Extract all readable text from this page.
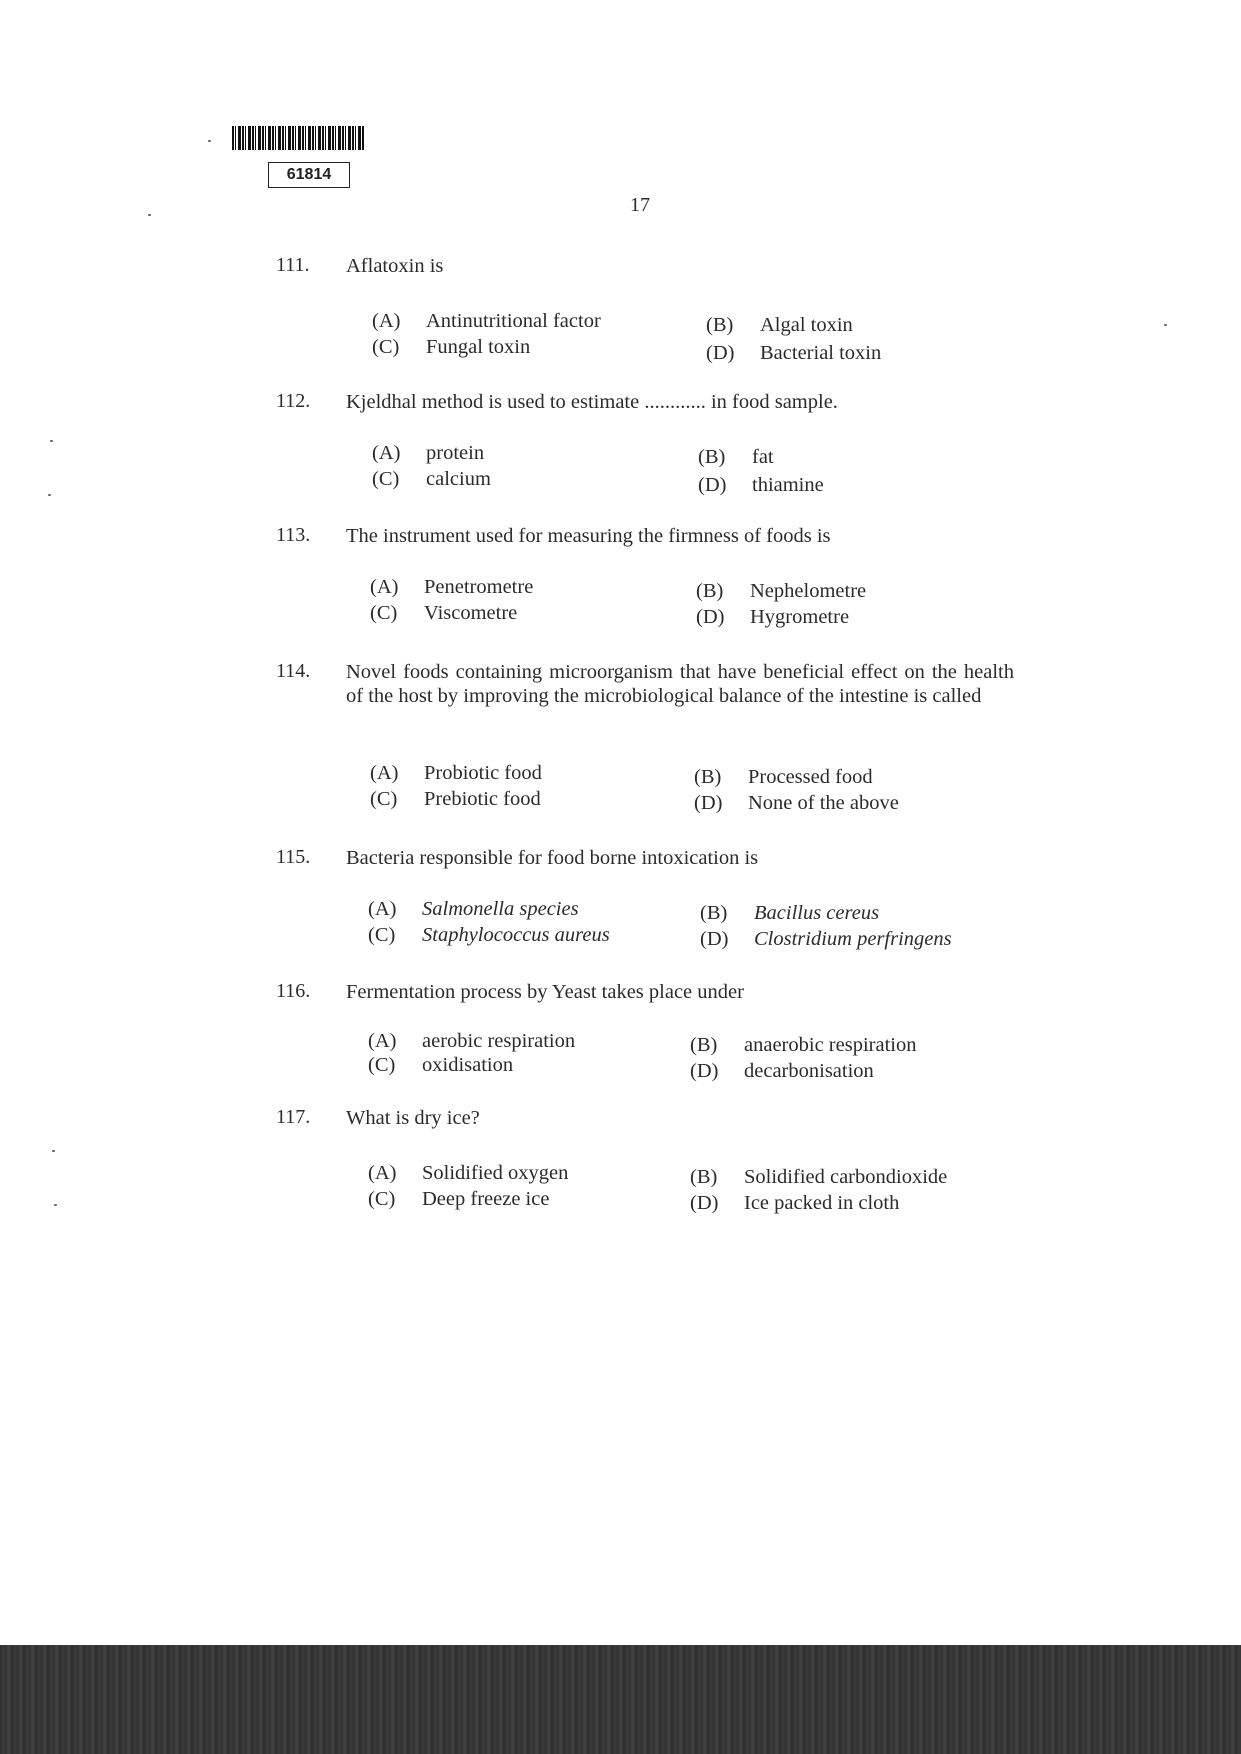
61814
17
111. Aflatoxin is
(A) Antinutritional factor	(B) Algal toxin
(C) Fungal toxin	(D) Bacterial toxin
112. Kjeldhal method is used to estimate ............ in food sample.
(A) protein	(B) fat
(C) calcium	(D) thiamine
113. The instrument used for measuring the firmness of foods is
(A) Penetrometre	(B) Nephelometre
(C) Viscometre	(D) Hygrometre
114. Novel foods containing microorganism that have beneficial effect on the health of the host by improving the microbiological balance of the intestine is called
(A) Probiotic food	(B) Processed food
(C) Prebiotic food	(D) None of the above
115. Bacteria responsible for food borne intoxication is
(A) Salmonella species	(B) Bacillus cereus
(C) Staphylococcus aureus	(D) Clostridium perfringens
116. Fermentation process by Yeast takes place under
(A) aerobic respiration	(B) anaerobic respiration
(C) oxidisation	(D) decarbonisation
117. What is dry ice?
(A) Solidified oxygen	(B) Solidified carbondioxide
(C) Deep freeze ice	(D) Ice packed in cloth
